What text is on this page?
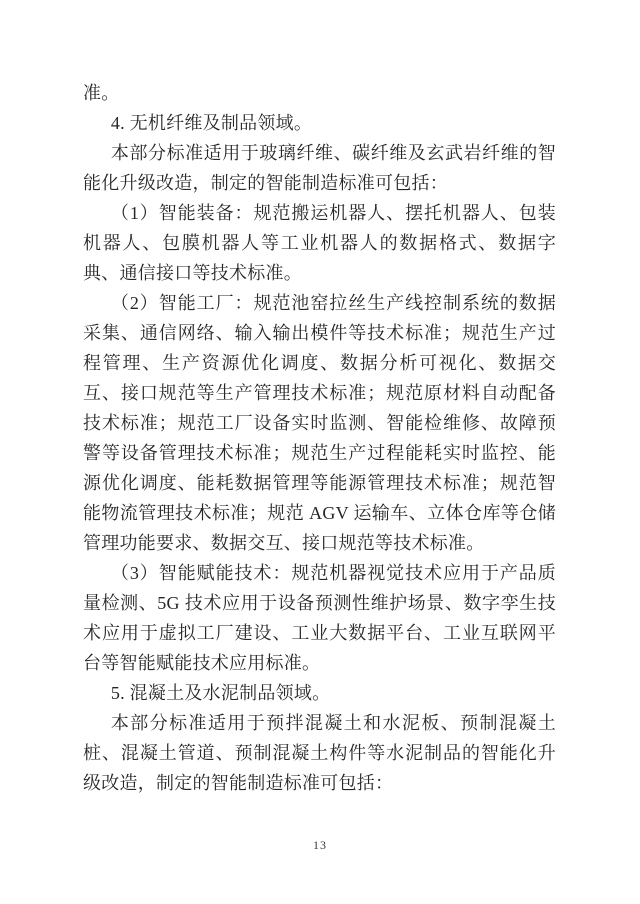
准。

4. 无机纤维及制品领域。

本部分标准适用于玻璃纤维、碳纤维及玄武岩纤维的智能化升级改造，制定的智能制造标准可包括：

（1）智能装备：规范搬运机器人、摆托机器人、包装机器人、包膜机器人等工业机器人的数据格式、数据字典、通信接口等技术标准。

（2）智能工厂：规范池窑拉丝生产线控制系统的数据采集、通信网络、输入输出模件等技术标准；规范生产过程管理、生产资源优化调度、数据分析可视化、数据交互、接口规范等生产管理技术标准；规范原材料自动配备技术标准；规范工厂设备实时监测、智能检维修、故障预警等设备管理技术标准；规范生产过程能耗实时监控、能源优化调度、能耗数据管理等能源管理技术标准；规范智能物流管理技术标准；规范 AGV 运输车、立体仓库等仓储管理功能要求、数据交互、接口规范等技术标准。

（3）智能赋能技术：规范机器视觉技术应用于产品质量检测、5G 技术应用于设备预测性维护场景、数字孪生技术应用于虚拟工厂建设、工业大数据平台、工业互联网平台等智能赋能技术应用标准。

5. 混凝土及水泥制品领域。

本部分标准适用于预拌混凝土和水泥板、预制混凝土桩、混凝土管道、预制混凝土构件等水泥制品的智能化升级改造，制定的智能制造标准可包括：

13
